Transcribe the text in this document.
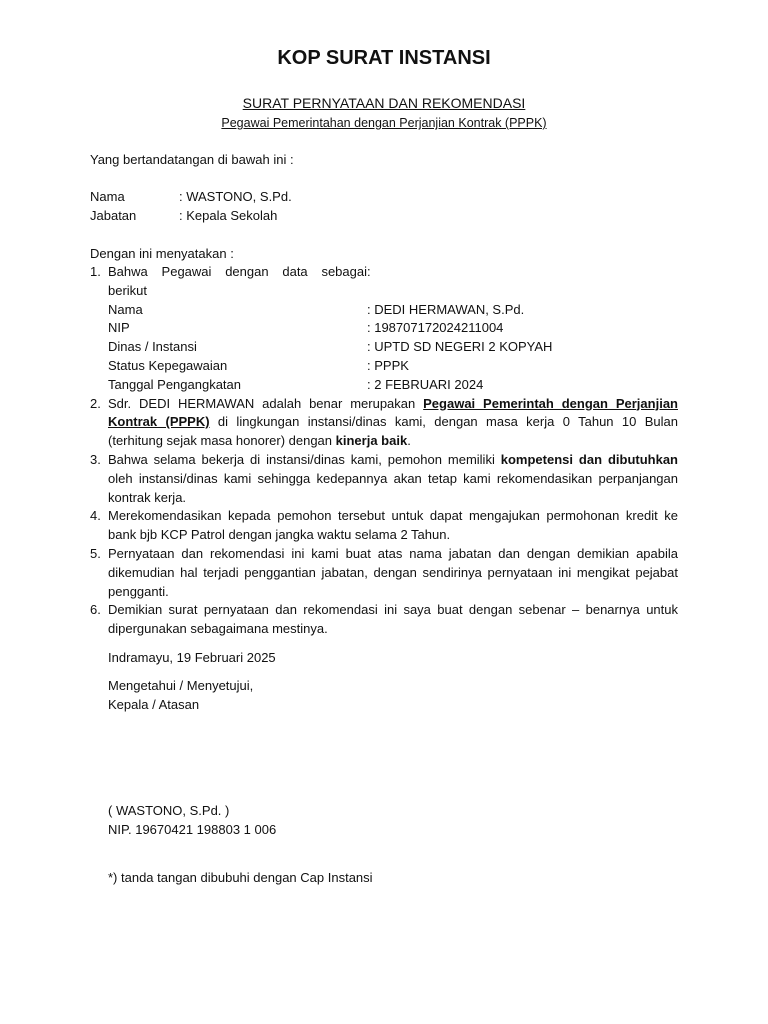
KOP SURAT INSTANSI
SURAT PERNYATAAN DAN REKOMENDASI
Pegawai Pemerintahan dengan Perjanjian Kontrak (PPPK)
Yang bertandatangan di bawah ini :
Nama	: WASTONO, S.Pd.
Jabatan	: Kepala Sekolah
Dengan ini menyatakan :
1. Bahwa Pegawai dengan data sebagai berikut
:
Nama	: DEDI HERMAWAN, S.Pd.
NIP	: 198707172024211004
Dinas / Instansi	: UPTD SD NEGERI 2 KOPYAH
Status Kepegawaian	: PPPK
Tanggal Pengangkatan	: 2 FEBRUARI 2024
2. Sdr. DEDI HERMAWAN adalah benar merupakan Pegawai Pemerintah dengan Perjanjian Kontrak (PPPK) di lingkungan instansi/dinas kami, dengan masa kerja 0 Tahun 10 Bulan (terhitung sejak masa honorer) dengan kinerja baik.
3. Bahwa selama bekerja di instansi/dinas kami, pemohon memiliki kompetensi dan dibutuhkan oleh instansi/dinas kami sehingga kedepannya akan tetap kami rekomendasikan perpanjangan kontrak kerja.
4. Merekomendasikan kepada pemohon tersebut untuk dapat mengajukan permohonan kredit ke bank bjb KCP Patrol dengan jangka waktu selama 2 Tahun.
5. Pernyataan dan rekomendasi ini kami buat atas nama jabatan dan dengan demikian apabila dikemudian hal terjadi penggantian jabatan, dengan sendirinya pernyataan ini mengikat pejabat pengganti.
6. Demikian surat pernyataan dan rekomendasi ini saya buat dengan sebenar – benarnya untuk dipergunakan sebagaimana mestinya.
Indramayu, 19 Februari 2025
Mengetahui / Menyetujui,
Kepala / Atasan
( WASTONO, S.Pd. )
NIP. 19670421 198803 1 006
*) tanda tangan dibubuhi dengan Cap Instansi
